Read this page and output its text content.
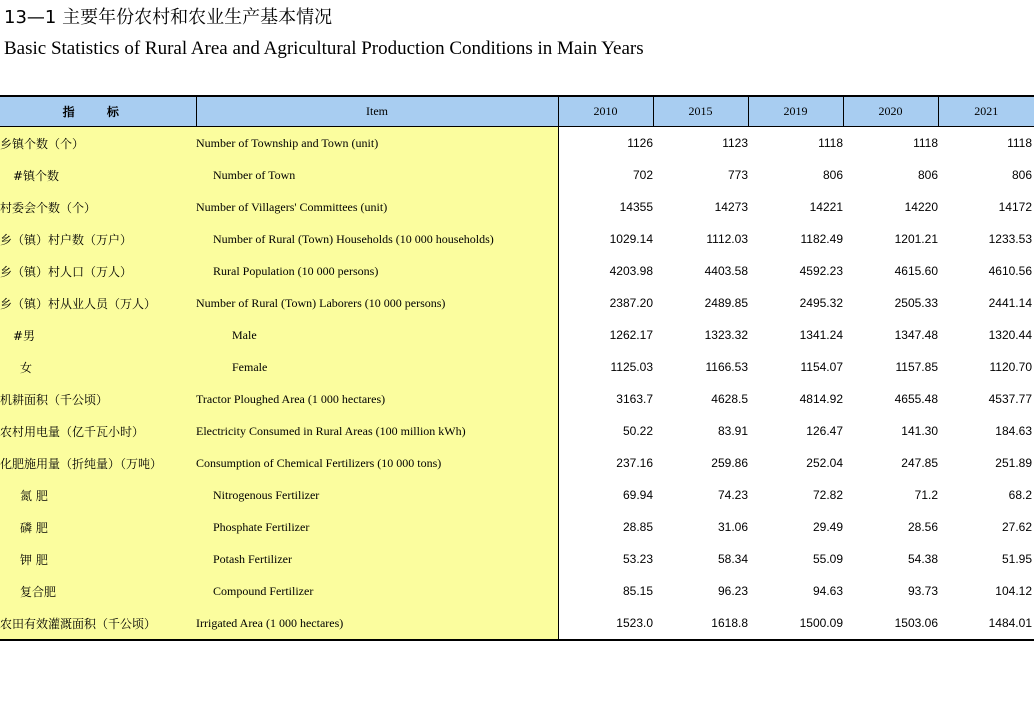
13—1 主要年份农村和农业生产基本情况
Basic Statistics of Rural Area and Agricultural Production Conditions in Main Years
指 标	Item	2010	2015	2019	2020	2021
乡镇个数（个）	Number of Township and Town (unit)	1126	1123	1118	1118	1118
#镇个数	Number of Town	702	773	806	806	806
村委会个数（个）	Number of Villagers' Committees (unit)	14355	14273	14221	14220	14172
乡（镇）村户数（万户）	Number of Rural (Town) Households (10 000 households)	1029.14	1112.03	1182.49	1201.21	1233.53
乡（镇）村人口（万人）	Rural Population (10 000 persons)	4203.98	4403.58	4592.23	4615.60	4610.56
乡（镇）村从业人员（万人）	Number of Rural (Town) Laborers (10 000 persons)	2387.20	2489.85	2495.32	2505.33	2441.14
#男	Male	1262.17	1323.32	1341.24	1347.48	1320.44
女	Female	1125.03	1166.53	1154.07	1157.85	1120.70
机耕面积（千公顷）	Tractor Ploughed Area (1 000 hectares)	3163.7	4628.5	4814.92	4655.48	4537.77
农村用电量（亿千瓦小时）	Electricity Consumed in Rural Areas (100 million kWh)	50.22	83.91	126.47	141.30	184.63
化肥施用量（折纯量）（万吨）	Consumption of Chemical Fertilizers (10 000 tons)	237.16	259.86	252.04	247.85	251.89
氮 肥	Nitrogenous Fertilizer	69.94	74.23	72.82	71.2	68.2
磷 肥	Phosphate Fertilizer	28.85	31.06	29.49	28.56	27.62
钾 肥	Potash Fertilizer	53.23	58.34	55.09	54.38	51.95
复合肥	Compound Fertilizer	85.15	96.23	94.63	93.73	104.12
农田有效灌溉面积（千公顷）	Irrigated Area (1 000 hectares)	1523.0	1618.8	1500.09	1503.06	1484.01
